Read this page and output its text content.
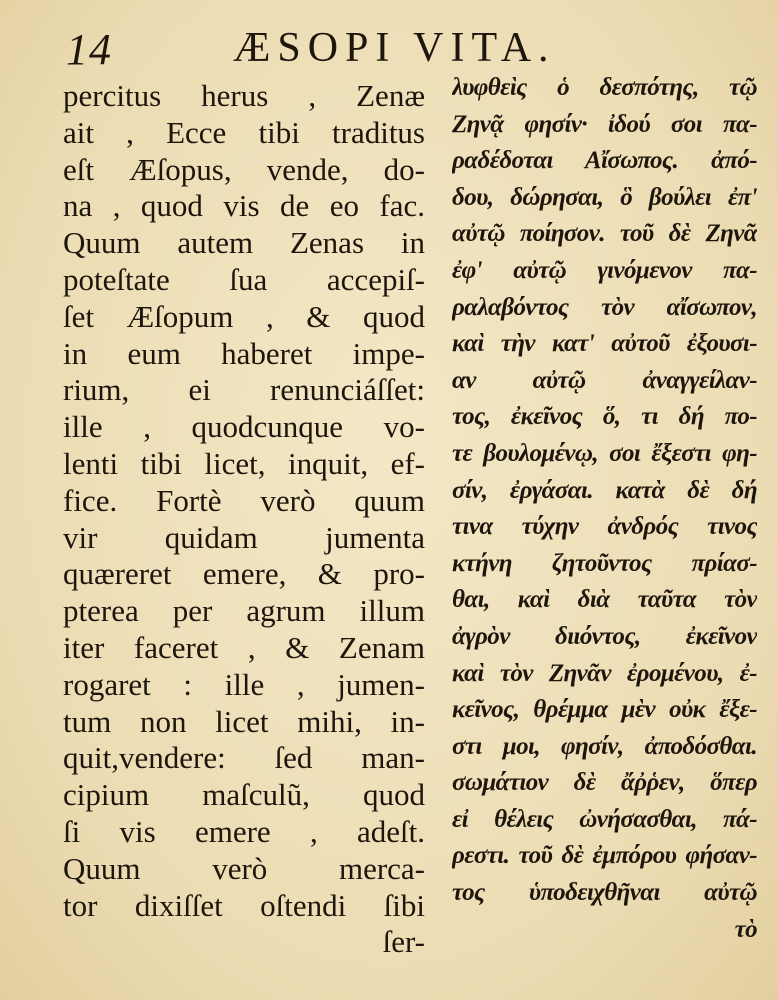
14	ÆSOPI VITA.
percitus herus , Zenæ
ait , Ecce tibi traditus
eſt Æſopus, vende, do-
na , quod vis de eo fac.
Quum autem Zenas in
poteſtate ſua accepiſ-
ſet Æſopum , & quod
in eum haberet impe-
rium, ei renunciáſſet:
ille , quodcunque vo-
lenti tibi licet, inquit, ef-
fice. Fortè verò quum
vir quidam jumenta
quæreret emere, & pro-
pterea per agrum illum
iter faceret , & Zenam
rogaret : ille , jumen-
tum non licet mihi, in-
quit,vendere: ſed man-
cipium maſculũ, quod
ſi vis emere , adeſt.
Quum verò merca-
tor dixiſſet oſtendi ſibi
ſer-
λυφθεὶς ὁ δεσπότης, τῷ
Ζηνᾷ φησίν· ἰδού σοι πα-
ραδέδοται Αἴσωπος. ἀπό-
δου, δώρησαι, ὃ βούλει ἐπ'
αὐτῷ ποίησον. τοῦ δὲ Ζηνᾶ
ἐφ' αὐτῷ γινόμενον πα-
ραλαβόντος τὸν αἴσωπον,
καὶ τὴν κατ' αὐτοῦ ἐξουσι-
αν αὐτῷ ἀναγγείλαν-
τος, ἐκεῖνος ὅ, τι δή πο-
τε βουλομένῳ, σοι ἔξεστι φη-
σίν, ἐργάσαι. κατὰ δὲ δή
τινα τύχην ἀνδρός τινος
κτήνη ζητοῦντος πρίασ-
θαι, καὶ διὰ ταῦτα τὸν
ἀγρὸν διιόντος, ἐκεῖνον
καὶ τὸν Ζηνᾶν ἐρομένου, ἐ-
κεῖνος, θρέμμα μὲν οὐκ ἔξε-
στι μοι, φησίν, ἀποδόσθαι.
σωμάτιον δὲ ἄῤῥεν, ὅπερ
εἰ θέλεις ὠνήσασθαι, πά-
ρεστι. τοῦ δὲ ἐμπόρου φήσαν-
τος ὑποδειχθῆναι αὐτῷ
τὸ
